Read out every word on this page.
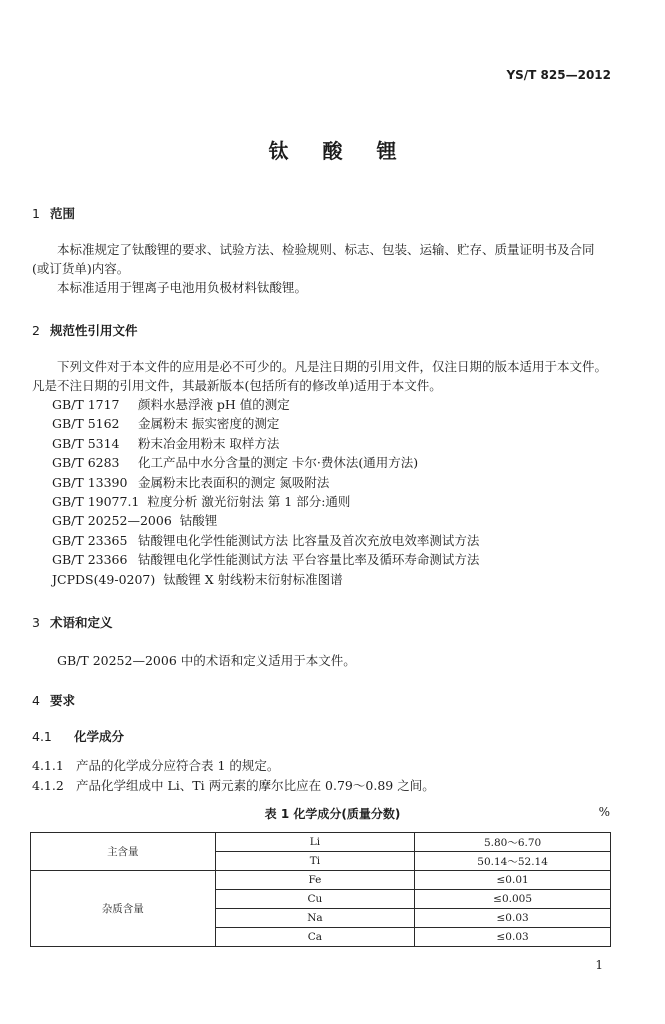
YS/T 825—2012
钛酸锂
1 范围

本标准规定了钛酸锂的要求、试验方法、检验规则、标志、包装、运输、贮存、质量证明书及合同(或订货单)内容。

本标准适用于锂离子电池用负极材料钛酸锂。

2 规范性引用文件

下列文件对于本文件的应用是必不可少的。凡是注日期的引用文件，仅注日期的版本适用于本文件。凡是不注日期的引用文件，其最新版本(包括所有的修改单)适用于本文件。

GB/T 1717 颜料水悬浮液 pH 值的测定
GB/T 5162 金属粉末 振实密度的测定
GB/T 5314 粉末冶金用粉末 取样方法
GB/T 6283 化工产品中水分含量的测定 卡尔·费休法(通用方法)
GB/T 13390 金属粉末比表面积的测定 氮吸附法
GB/T 19077.1 粒度分析 激光衍射法 第 1 部分:通则
GB/T 20252—2006 钴酸锂
GB/T 23365 钴酸锂电化学性能测试方法 比容量及首次充放电效率测试方法
GB/T 23366 钴酸锂电化学性能测试方法 平台容量比率及循环寿命测试方法
JCPDS(49-0207) 钛酸锂 X 射线粉末衍射标准图谱
3 术语和定义

GB/T 20252—2006 中的术语和定义适用于本文件。

4 要求
4.1 化学成分
4.1.1 产品的化学成分应符合表 1 的规定。
4.1.2 产品化学组成中 Li、Ti 两元素的摩尔比应在 0.79～0.89 之间。
表 1 化学成分(质量分数)	%
主含量	Li	5.80～6.70
	Ti	50.14～52.14
杂质含量	Fe	≤0.01
	Cu	≤0.005
	Na	≤0.03
	Ca	≤0.03
1
